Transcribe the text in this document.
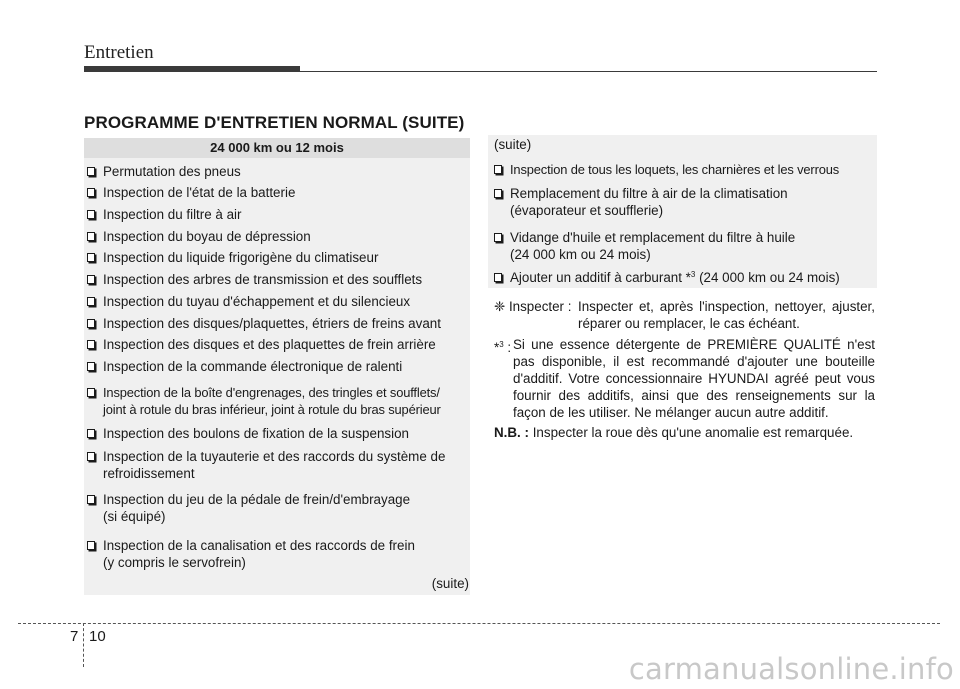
Entretien
PROGRAMME D'ENTRETIEN NORMAL (SUITE)
24 000 km ou 12 mois
Permutation des pneus
Inspection de l'état de la batterie
Inspection du filtre à air
Inspection du boyau de dépression
Inspection du liquide frigorigène du climatiseur
Inspection des arbres de transmission et des soufflets
Inspection du tuyau d'échappement et du silencieux
Inspection des disques/plaquettes, étriers de freins avant
Inspection des disques et des plaquettes de frein arrière
Inspection de la commande électronique de ralenti
Inspection de la boîte d'engrenages, des tringles et soufflets/
joint à rotule du bras inférieur, joint à rotule du bras supérieur
Inspection des boulons de fixation de la suspension
Inspection de la tuyauterie et des raccords du système de
refroidissement
Inspection du jeu de la pédale de frein/d'embrayage
(si équipé)
Inspection de la canalisation et des raccords de frein
(y compris le servofrein)
(suite)
(suite)
Inspection de tous les loquets, les charnières et les verrous
Remplacement du filtre à air de la climatisation
(évaporateur et soufflerie)
Vidange d'huile et remplacement du filtre à huile
(24 000 km ou 24 mois)
Ajouter un additif à carburant *$^3$ (24 000 km ou 24 mois)
❈ Inspecter : Inspecter et, après l'inspection, nettoyer, ajuster, réparer ou remplacer, le cas échéant.
*$^3$ : Si une essence détergente de PREMIÈRE QUALITÉ n'est pas disponible, il est recommandé d'ajouter une bouteille d'additif. Votre concessionnaire HYUNDAI agréé peut vous fournir des additifs, ainsi que des renseignements sur la façon de les utiliser. Ne mélanger aucun autre additif.
N.B. : Inspecter la roue dès qu'une anomalie est remarquée.
7 10
carmanualsonline.info
